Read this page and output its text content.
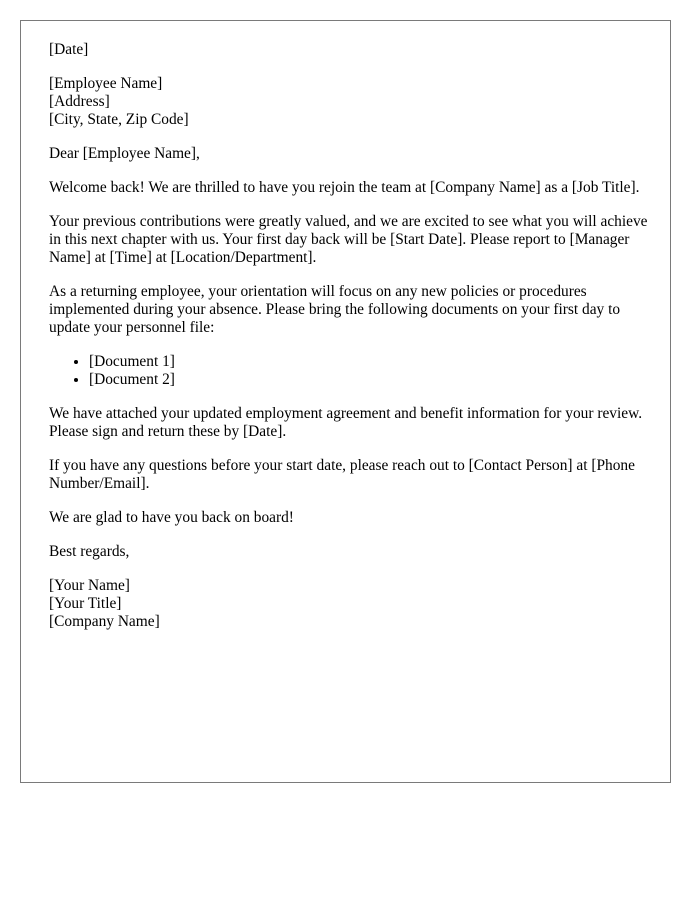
[Date]

[Employee Name]
[Address]
[City, State, Zip Code]

Dear [Employee Name],

Welcome back! We are thrilled to have you rejoin the team at [Company Name] as a [Job Title].

Your previous contributions were greatly valued, and we are excited to see what you will achieve in this next chapter with us. Your first day back will be [Start Date]. Please report to [Manager Name] at [Time] at [Location/Department].

As a returning employee, your orientation will focus on any new policies or procedures implemented during your absence. Please bring the following documents on your first day to update your personnel file:

• [Document 1]
• [Document 2]

We have attached your updated employment agreement and benefit information for your review. Please sign and return these by [Date].

If you have any questions before your start date, please reach out to [Contact Person] at [Phone Number/Email].

We are glad to have you back on board!

Best regards,

[Your Name]
[Your Title]
[Company Name]
